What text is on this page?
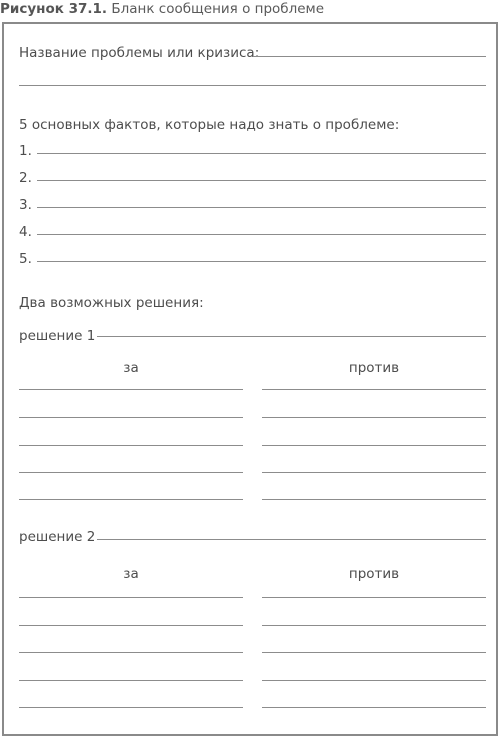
Рисунок 37.1. Бланк сообщения о проблеме
Название проблемы или кризиса:
5 основных фактов, которые надо знать о проблеме:
1.
2.
3.
4.
5.
Два возможных решения:
решение 1
за	против
решение 2
за	против
